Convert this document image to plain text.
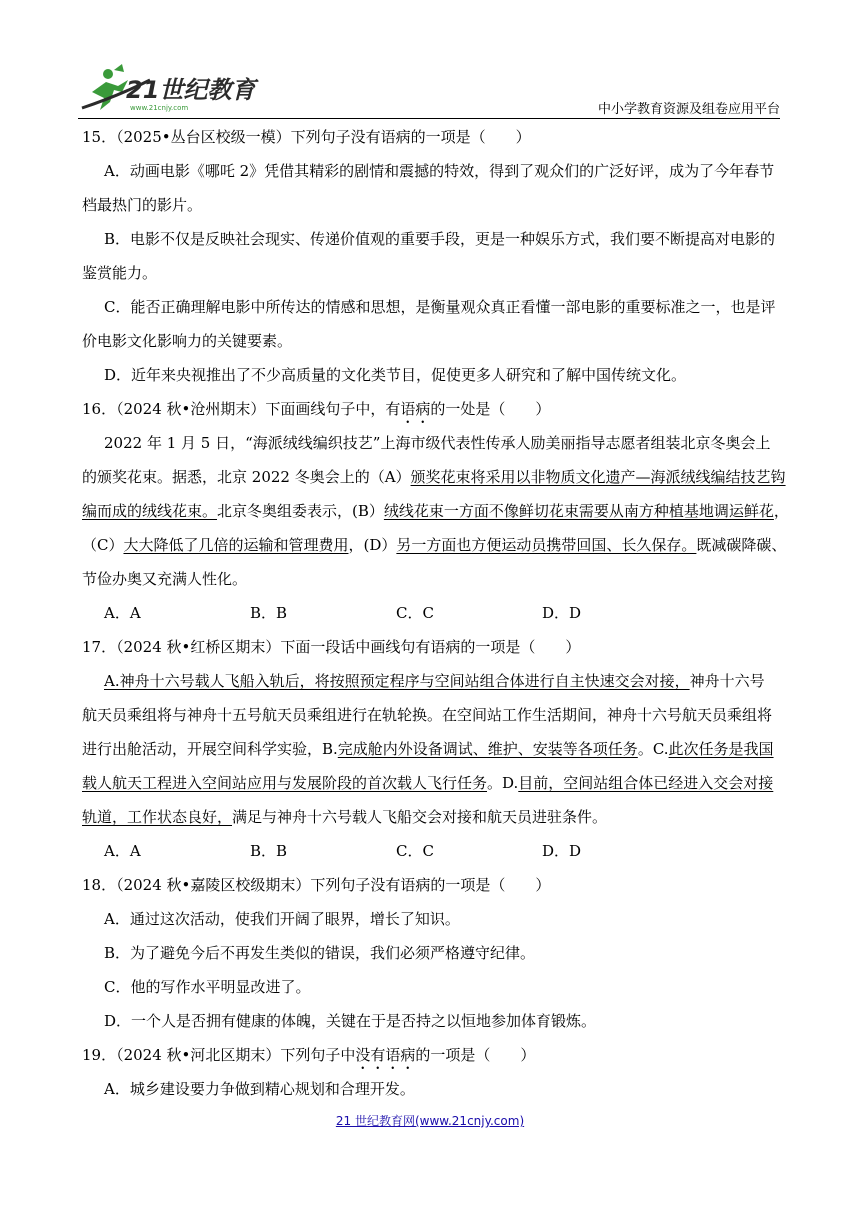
21世纪教育
www.21cnjy.com	中小学教育资源及组卷应用平台
15．（2025•丛台区校级一模）下列句子没有语病的一项是（　　）
A．动画电影《哪吒 2》凭借其精彩的剧情和震撼的特效，得到了观众们的广泛好评，成为了今年春节
档最热门的影片。
B．电影不仅是反映社会现实、传递价值观的重要手段，更是一种娱乐方式，我们要不断提高对电影的
鉴赏能力。
C．能否正确理解电影中所传达的情感和思想，是衡量观众真正看懂一部电影的重要标准之一，也是评
价电影文化影响力的关键要素。
D．近年来央视推出了不少高质量的文化类节目，促使更多人研究和了解中国传统文化。
16．（2024 秋•沧州期末）下面画线句子中，有语病的一处是（　　）
2022 年 1 月 5 日，“海派绒线编织技艺”上海市级代表性传承人励美丽指导志愿者组装北京冬奥会上
的颁奖花束。据悉，北京 2022 冬奥会上的（A）颁奖花束将采用以非物质文化遗产—海派绒线编结技艺钩
编而成的绒线花束。北京冬奥组委表示，(B）绒线花束一方面不像鲜切花束需要从南方种植基地调运鲜花，
（C）大大降低了几倍的运输和管理费用，(D）另一方面也方便运动员携带回国、长久保存。既减碳降碳、
节俭办奥又充满人性化。
A．A	B．B	C．C	D．D
17．（2024 秋•红桥区期末）下面一段话中画线句有语病的一项是（　　）
A.神舟十六号载人飞船入轨后，将按照预定程序与空间站组合体进行自主快速交会对接，神舟十六号
航天员乘组将与神舟十五号航天员乘组进行在轨轮换。在空间站工作生活期间，神舟十六号航天员乘组将
进行出舱活动，开展空间科学实验，B.完成舱内外设备调试、维护、安装等各项任务。C.此次任务是我国
载人航天工程进入空间站应用与发展阶段的首次载人飞行任务。D.目前，空间站组合体已经进入交会对接
轨道，工作状态良好，满足与神舟十六号载人飞船交会对接和航天员进驻条件。
A．A	B．B	C．C	D．D
18．（2024 秋•嘉陵区校级期末）下列句子没有语病的一项是（　　）
A．通过这次活动，使我们开阔了眼界，增长了知识。
B．为了避免今后不再发生类似的错误，我们必须严格遵守纪律。
C．他的写作水平明显改进了。
D．一个人是否拥有健康的体魄，关键在于是否持之以恒地参加体育锻炼。
19．（2024 秋•河北区期末）下列句子中没有语病的一项是（　　）
A．城乡建设要力争做到精心规划和合理开发。
21 世纪教育网(www.21cnjy.com)
